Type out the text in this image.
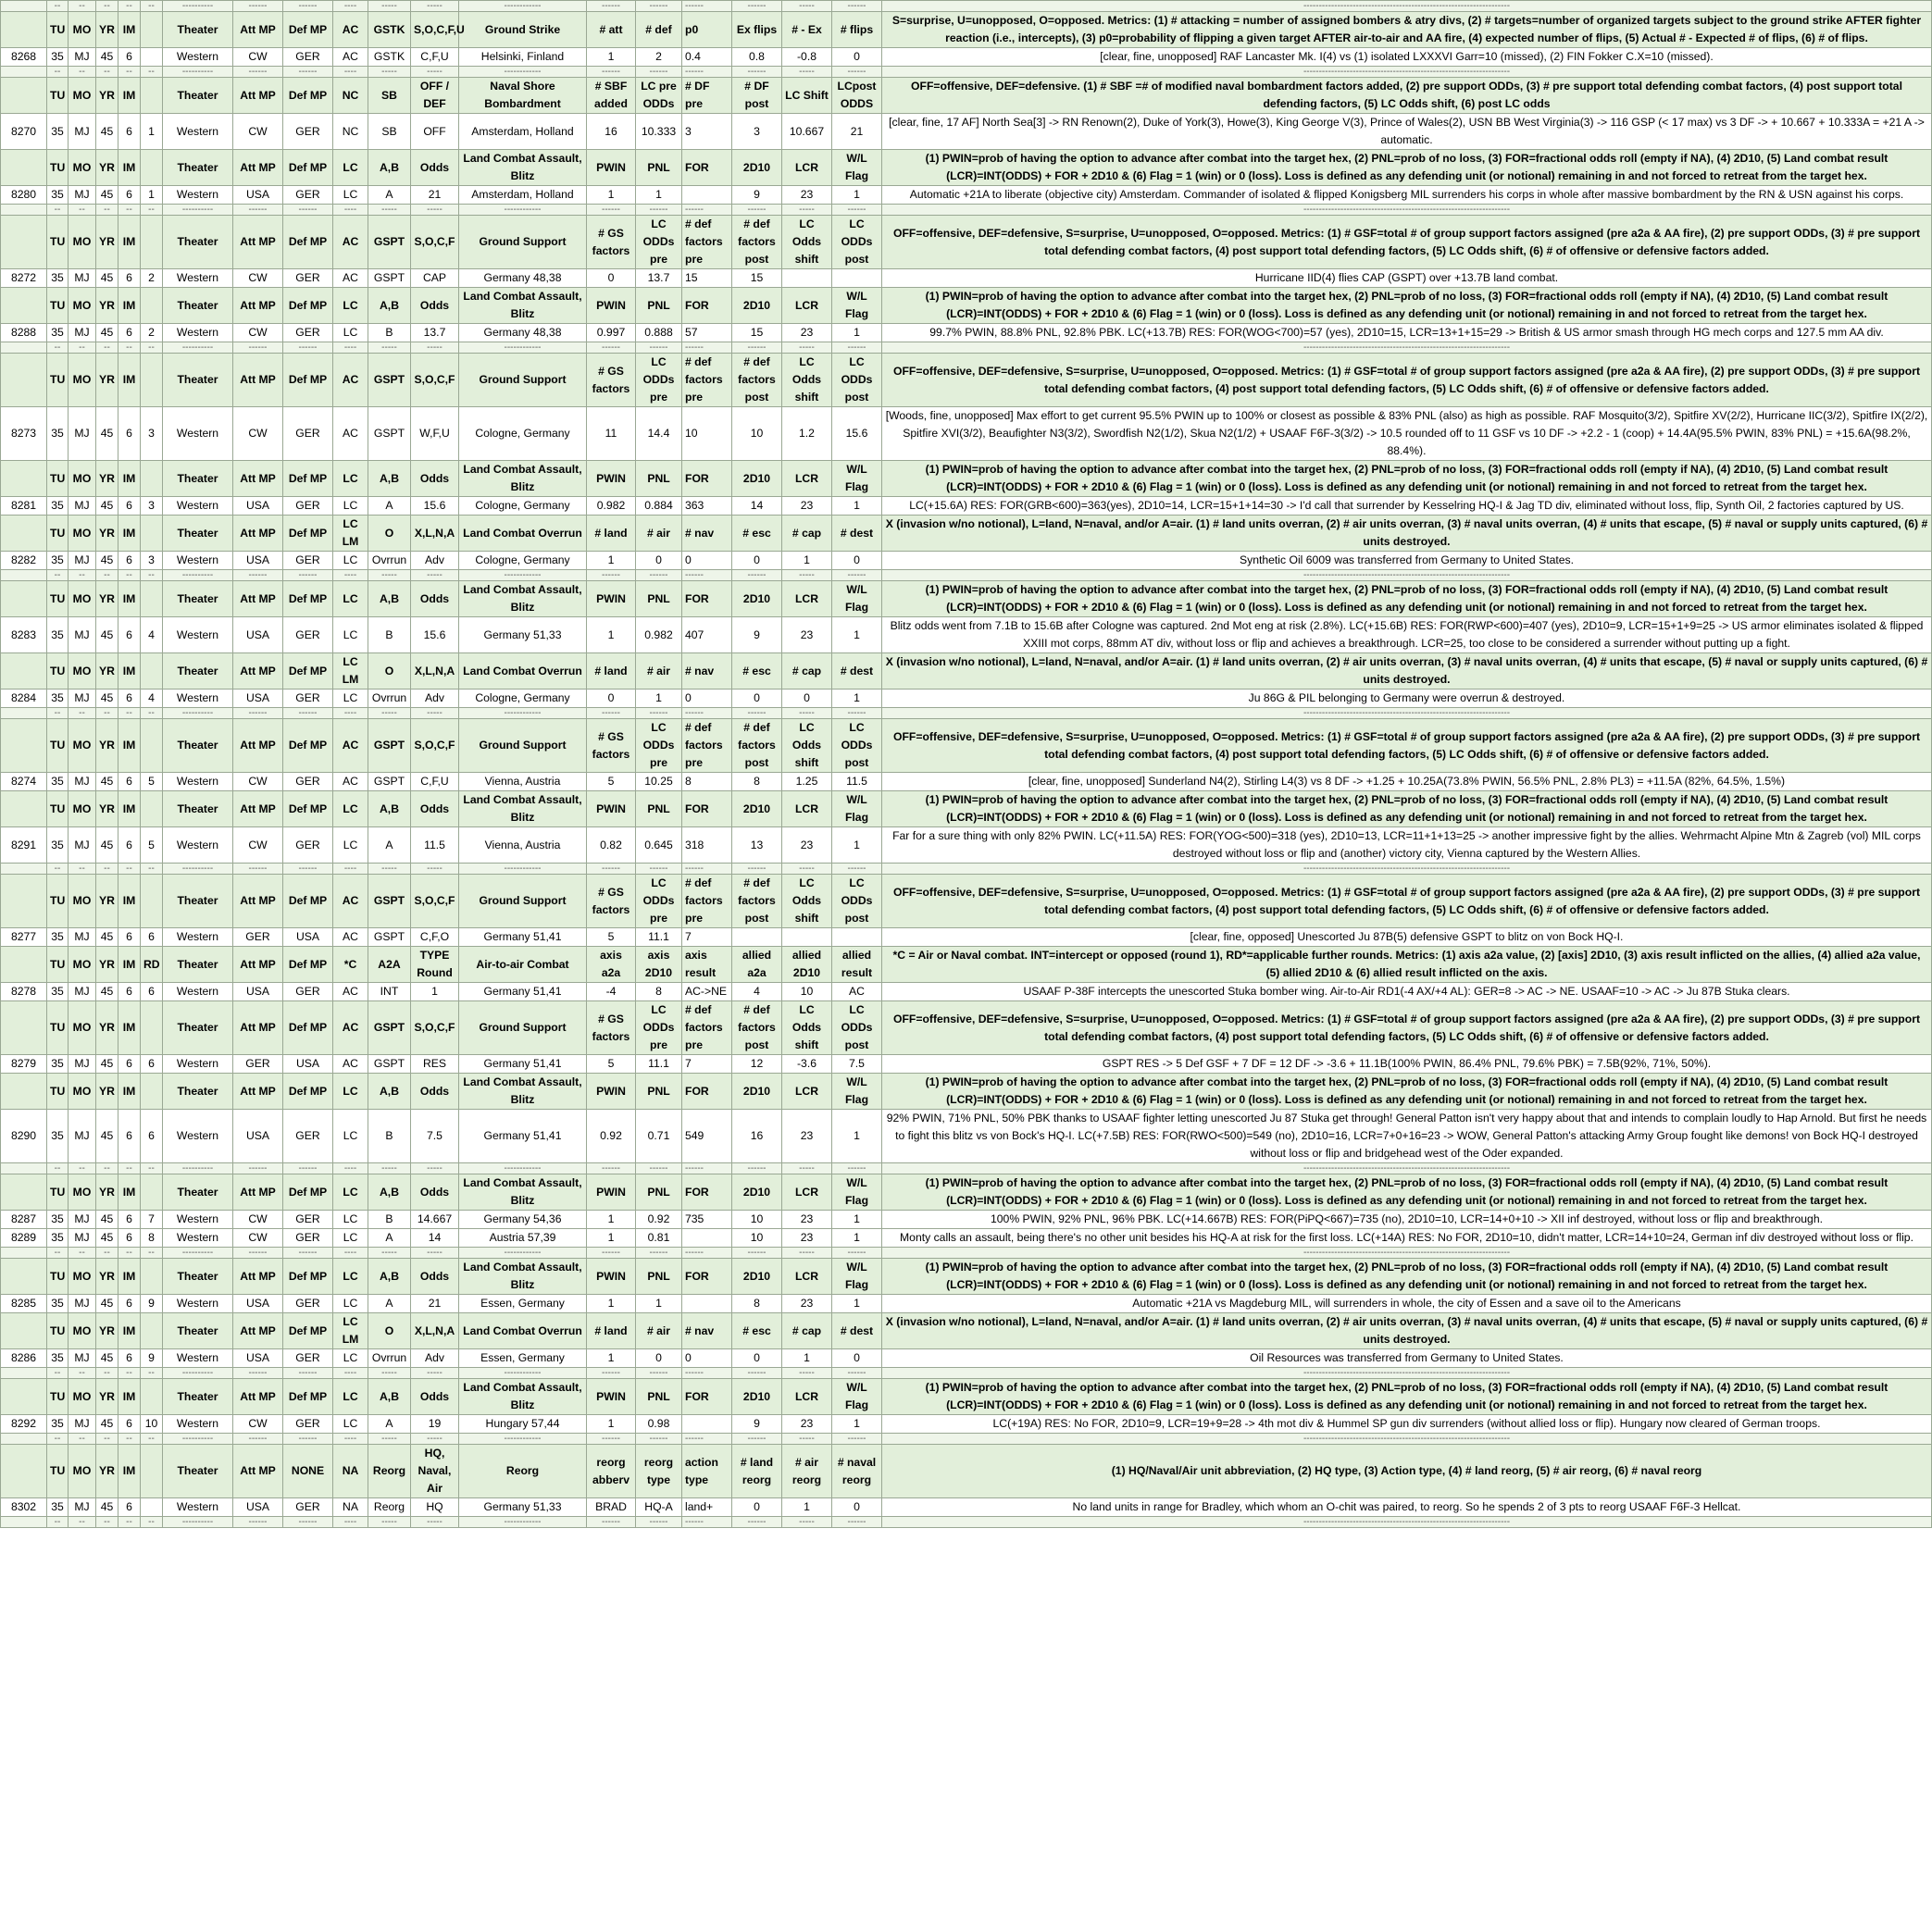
	--	--	--	--	--	----------	------	------	----	-----	-----	------------	------	------	------	------	-----	------	-------------------------------------------------------------------
	TU	MO	YR	IM		Theater	Att MP	Def MP	AC	GSTK	S,O,C,F,U	Ground Strike	# att	# def	p0	Ex flips	# - Ex	# flips	S=surprise, U=unopposed, O=opposed. Metrics: (1) # attacking = number of assigned bombers & atry divs, (2) # targets=number of organized targets subject to the ground strike AFTER fighter reaction (i.e., intercepts), (3) p0=probability of flipping a given target AFTER air-to-air and AA fire, (4) expected number of flips, (5) Actual # - Expected # of flips, (6) # of flips.
8268	35	MJ	45	6		Western	CW	GER	AC	GSTK	C,F,U	Helsinki, Finland	1	2	0.4	0.8	-0.8	0	[clear, fine, unopposed] RAF Lancaster Mk. I(4) vs (1) isolated LXXXVI Garr=10 (missed), (2) FIN Fokker C.X=10 (missed).
	--	--	--	--	--	----------	------	------	----	-----	-----	------------	------	------	------	------	-----	------	-------------------------------------------------------------------
	TU	MO	YR	IM		Theater	Att MP	Def MP	NC	SB	OFF / DEF	Naval Shore Bombardment	# SBF added	LC pre ODDs	# DF pre	# DF post	LC Shift	LCpost ODDS	OFF=offensive, DEF=defensive. (1) # SBF =# of modified naval bombardment factors added, (2) pre support ODDs, (3) # pre support total defending combat factors, (4) post support total defending factors, (5) LC Odds shift, (6) post LC odds
8270	35	MJ	45	6	1	Western	CW	GER	NC	SB	OFF	Amsterdam, Holland	16	10.333	3	3	10.667	21	[clear, fine, 17 AF] North Sea[3] -> RN Renown(2), Duke of York(3), Howe(3), King George V(3), Prince of Wales(2), USN BB West Virginia(3) -> 116 GSP (< 17 max) vs 3 DF -> + 10.667 + 10.333A = +21 A -> automatic.
	TU	MO	YR	IM		Theater	Att MP	Def MP	LC	A,B	Odds	Land Combat Assault, Blitz	PWIN	PNL	FOR	2D10	LCR	W/L Flag	(1) PWIN=prob of having the option to advance after combat into the target hex, (2) PNL=prob of no loss, (3) FOR=fractional odds roll (empty if NA), (4) 2D10, (5) Land combat result (LCR)=INT(ODDS) + FOR + 2D10 & (6) Flag = 1 (win) or 0 (loss). Loss is defined as any defending unit (or notional) remaining in and not forced to retreat from the target hex.
8280	35	MJ	45	6	1	Western	USA	GER	LC	A	21	Amsterdam, Holland	1	1		9	23	1	Automatic +21A to liberate (objective city) Amsterdam. Commander of isolated & flipped Konigsberg MIL surrenders his corps in whole after massive bombardment by the RN & USN against his corps.
	--	--	--	--	--	----------	------	------	----	-----	-----	------------	------	------	------	------	-----	------	-------------------------------------------------------------------
	TU	MO	YR	IM		Theater	Att MP	Def MP	AC	GSPT	S,O,C,F	Ground Support	# GS factors	LC ODDs pre	# def factors pre	# def factors post	LC Odds shift	LC ODDs post	OFF=offensive, DEF=defensive, S=surprise, U=unopposed, O=opposed. Metrics: (1) # GSF=total # of group support factors assigned (pre a2a & AA fire), (2) pre support ODDs, (3) # pre support total defending combat factors, (4) post support total defending factors, (5) LC Odds shift, (6) # of offensive or defensive factors added.
8272	35	MJ	45	6	2	Western	CW	GER	AC	GSPT	CAP	Germany 48,38	0	13.7	15	15			Hurricane IID(4) flies CAP (GSPT) over +13.7B land combat.
	TU	MO	YR	IM		Theater	Att MP	Def MP	LC	A,B	Odds	Land Combat Assault, Blitz	PWIN	PNL	FOR	2D10	LCR	W/L Flag	(1) PWIN=prob of having the option to advance after combat into the target hex, (2) PNL=prob of no loss, (3) FOR=fractional odds roll (empty if NA), (4) 2D10, (5) Land combat result (LCR)=INT(ODDS) + FOR + 2D10 & (6) Flag = 1 (win) or 0 (loss). Loss is defined as any defending unit (or notional) remaining in and not forced to retreat from the target hex.
8288	35	MJ	45	6	2	Western	CW	GER	LC	B	13.7	Germany 48,38	0.997	0.888	57	15	23	1	99.7% PWIN, 88.8% PNL, 92.8% PBK. LC(+13.7B) RES: FOR(WOG<700)=57 (yes), 2D10=15, LCR=13+1+15=29 -> British & US armor smash through HG mech corps and 127.5 mm AA div.
	--	--	--	--	--	----------	------	------	----	-----	-----	------------	------	------	------	------	-----	------	-------------------------------------------------------------------
	TU	MO	YR	IM		Theater	Att MP	Def MP	AC	GSPT	S,O,C,F	Ground Support	# GS factors	LC ODDs pre	# def factors pre	# def factors post	LC Odds shift	LC ODDs post	OFF=offensive, DEF=defensive, S=surprise, U=unopposed, O=opposed. Metrics: (1) # GSF=total # of group support factors assigned (pre a2a & AA fire), (2) pre support ODDs, (3) # pre support total defending combat factors, (4) post support total defending factors, (5) LC Odds shift, (6) # of offensive or defensive factors added.
8273	35	MJ	45	6	3	Western	CW	GER	AC	GSPT	W,F,U	Cologne, Germany	11	14.4	10	10	1.2	15.6	[Woods, fine, unopposed] Max effort to get current 95.5% PWIN up to 100% or closest as possible & 83% PNL (also) as high as possible. RAF Mosquito(3/2), Spitfire XV(2/2), Hurricane IIC(3/2), Spitfire IX(2/2), Spitfire XVI(3/2), Beaufighter N3(3/2), Swordfish N2(1/2), Skua N2(1/2) + USAAF F6F-3(3/2) -> 10.5 rounded off to 11 GSF vs 10 DF -> +2.2 - 1 (coop) + 14.4A(95.5% PWIN, 83% PNL) = +15.6A(98.2%, 88.4%).
	TU	MO	YR	IM		Theater	Att MP	Def MP	LC	A,B	Odds	Land Combat Assault, Blitz	PWIN	PNL	FOR	2D10	LCR	W/L Flag	(1) PWIN=prob of having the option to advance after combat into the target hex, (2) PNL=prob of no loss, (3) FOR=fractional odds roll (empty if NA), (4) 2D10, (5) Land combat result (LCR)=INT(ODDS) + FOR + 2D10 & (6) Flag = 1 (win) or 0 (loss). Loss is defined as any defending unit (or notional) remaining in and not forced to retreat from the target hex.
8281	35	MJ	45	6	3	Western	USA	GER	LC	A	15.6	Cologne, Germany	0.982	0.884	363	14	23	1	LC(+15.6A) RES: FOR(GRB<600)=363(yes), 2D10=14, LCR=15+1+14=30 -> I'd call that surrender by Kesselring HQ-I & Jag TD div, eliminated without loss, flip, Synth Oil, 2 factories captured by US.
	TU	MO	YR	IM		Theater	Att MP	Def MP	LC LM	O	X,L,N,A	Land Combat Overrun	# land	# air	# nav	# esc	# cap	# dest	X (invasion w/no notional), L=land, N=naval, and/or A=air. (1) # land units overran, (2) # air units overran, (3) # naval units overran, (4) # units that escape, (5) # naval or supply units captured, (6) # units destroyed.
8282	35	MJ	45	6	3	Western	USA	GER	LC	Ovrrun	Adv	Cologne, Germany	1	0	0	0	1	0	Synthetic Oil 6009 was transferred from Germany to United States.
	--	--	--	--	--	----------	------	------	----	-----	-----	------------	------	------	------	------	-----	------	-------------------------------------------------------------------
	TU	MO	YR	IM		Theater	Att MP	Def MP	LC	A,B	Odds	Land Combat Assault, Blitz	PWIN	PNL	FOR	2D10	LCR	W/L Flag	(1) PWIN=prob of having the option to advance after combat into the target hex, (2) PNL=prob of no loss, (3) FOR=fractional odds roll (empty if NA), (4) 2D10, (5) Land combat result (LCR)=INT(ODDS) + FOR + 2D10 & (6) Flag = 1 (win) or 0 (loss). Loss is defined as any defending unit (or notional) remaining in and not forced to retreat from the target hex.
8283	35	MJ	45	6	4	Western	USA	GER	LC	B	15.6	Germany 51,33	1	0.982	407	9	23	1	Blitz odds went from 7.1B to 15.6B after Cologne was captured. 2nd Mot eng at risk (2.8%). LC(+15.6B) RES: FOR(RWP<600)=407 (yes), 2D10=9, LCR=15+1+9=25 -> US armor eliminates isolated & flipped XXIII mot corps, 88mm AT div, without loss or flip and achieves a breakthrough. LCR=25, too close to be considered a surrender without putting up a fight.
	TU	MO	YR	IM		Theater	Att MP	Def MP	LC LM	O	X,L,N,A	Land Combat Overrun	# land	# air	# nav	# esc	# cap	# dest	X (invasion w/no notional), L=land, N=naval, and/or A=air. (1) # land units overran, (2) # air units overran, (3) # naval units overran, (4) # units that escape, (5) # naval or supply units captured, (6) # units destroyed.
8284	35	MJ	45	6	4	Western	USA	GER	LC	Ovrrun	Adv	Cologne, Germany	0	1	0	0	0	1	Ju 86G & PIL belonging to Germany were overrun & destroyed.
	--	--	--	--	--	----------	------	------	----	-----	-----	------------	------	------	------	------	-----	------	-------------------------------------------------------------------
	TU	MO	YR	IM		Theater	Att MP	Def MP	AC	GSPT	S,O,C,F	Ground Support	# GS factors	LC ODDs pre	# def factors pre	# def factors post	LC Odds shift	LC ODDs post	OFF=offensive, DEF=defensive, S=surprise, U=unopposed, O=opposed. Metrics: (1) # GSF=total # of group support factors assigned (pre a2a & AA fire), (2) pre support ODDs, (3) # pre support total defending combat factors, (4) post support total defending factors, (5) LC Odds shift, (6) # of offensive or defensive factors added.
8274	35	MJ	45	6	5	Western	CW	GER	AC	GSPT	C,F,U	Vienna, Austria	5	10.25	8	8	1.25	11.5	[clear, fine, unopposed] Sunderland N4(2), Stirling L4(3) vs 8 DF -> +1.25 + 10.25A(73.8% PWIN, 56.5% PNL, 2.8% PL3) = +11.5A (82%, 64.5%, 1.5%)
	TU	MO	YR	IM		Theater	Att MP	Def MP	LC	A,B	Odds	Land Combat Assault, Blitz	PWIN	PNL	FOR	2D10	LCR	W/L Flag	(1) PWIN=prob of having the option to advance after combat into the target hex, (2) PNL=prob of no loss, (3) FOR=fractional odds roll (empty if NA), (4) 2D10, (5) Land combat result (LCR)=INT(ODDS) + FOR + 2D10 & (6) Flag = 1 (win) or 0 (loss). Loss is defined as any defending unit (or notional) remaining in and not forced to retreat from the target hex.
8291	35	MJ	45	6	5	Western	CW	GER	LC	A	11.5	Vienna, Austria	0.82	0.645	318	13	23	1	Far for a sure thing with only 82% PWIN. LC(+11.5A) RES: FOR(YOG<500)=318 (yes), 2D10=13, LCR=11+1+13=25 -> another impressive fight by the allies. Wehrmacht Alpine Mtn & Zagreb (vol) MIL corps destroyed without loss or flip and (another) victory city, Vienna captured by the Western Allies.
	--	--	--	--	--	----------	------	------	----	-----	-----	------------	------	------	------	------	-----	------	-------------------------------------------------------------------
	TU	MO	YR	IM		Theater	Att MP	Def MP	AC	GSPT	S,O,C,F	Ground Support	# GS factors	LC ODDs pre	# def factors pre	# def factors post	LC Odds shift	LC ODDs post	OFF=offensive, DEF=defensive, S=surprise, U=unopposed, O=opposed. Metrics: (1) # GSF=total # of group support factors assigned (pre a2a & AA fire), (2) pre support ODDs, (3) # pre support total defending combat factors, (4) post support total defending factors, (5) LC Odds shift, (6) # of offensive or defensive factors added.
8277	35	MJ	45	6	6	Western	GER	USA	AC	GSPT	C,F,O	Germany 51,41	5	11.1	7				[clear, fine, opposed] Unescorted Ju 87B(5) defensive GSPT to blitz on von Bock HQ-I.
	TU	MO	YR	IM	RD	Theater	Att MP	Def MP	*C	A2A	TYPE Round	Air-to-air Combat	axis a2a	axis 2D10	axis result	allied a2a	allied 2D10	allied result	*C = Air or Naval combat. INT=intercept or opposed (round 1), RD*=applicable further rounds. Metrics: (1) axis a2a value, (2) [axis] 2D10, (3) axis result inflicted on the allies, (4) allied a2a value, (5) allied 2D10 & (6) allied result inflicted on the axis.
8278	35	MJ	45	6	6	Western	USA	GER	AC	INT	1	Germany 51,41	-4	8	AC->NE	4	10	AC	USAAF P-38F intercepts the unescorted Stuka bomber wing. Air-to-Air RD1(-4 AX/+4 AL): GER=8 -> AC -> NE. USAAF=10 -> AC -> Ju 87B Stuka clears.
	TU	MO	YR	IM		Theater	Att MP	Def MP	AC	GSPT	S,O,C,F	Ground Support	# GS factors	LC ODDs pre	# def factors pre	# def factors post	LC Odds shift	LC ODDs post	OFF=offensive, DEF=defensive, S=surprise, U=unopposed, O=opposed. Metrics: (1) # GSF=total # of group support factors assigned (pre a2a & AA fire), (2) pre support ODDs, (3) # pre support total defending combat factors, (4) post support total defending factors, (5) LC Odds shift, (6) # of offensive or defensive factors added.
8279	35	MJ	45	6	6	Western	GER	USA	AC	GSPT	RES	Germany 51,41	5	11.1	7	12	-3.6	7.5	GSPT RES -> 5 Def GSF + 7 DF = 12 DF -> -3.6 + 11.1B(100% PWIN, 86.4% PNL, 79.6% PBK) = 7.5B(92%, 71%, 50%).
	TU	MO	YR	IM		Theater	Att MP	Def MP	LC	A,B	Odds	Land Combat Assault, Blitz	PWIN	PNL	FOR	2D10	LCR	W/L Flag	(1) PWIN=prob of having the option to advance after combat into the target hex, (2) PNL=prob of no loss, (3) FOR=fractional odds roll (empty if NA), (4) 2D10, (5) Land combat result (LCR)=INT(ODDS) + FOR + 2D10 & (6) Flag = 1 (win) or 0 (loss). Loss is defined as any defending unit (or notional) remaining in and not forced to retreat from the target hex.
8290	35	MJ	45	6	6	Western	USA	GER	LC	B	7.5	Germany 51,41	0.92	0.71	549	16	23	1	92% PWIN, 71% PNL, 50% PBK thanks to USAAF fighter letting unescorted Ju 87 Stuka get through! General Patton isn't very happy about that and intends to complain loudly to Hap Arnold. But first he needs to fight this blitz vs von Bock's HQ-I. LC(+7.5B) RES: FOR(RWO<500)=549 (no), 2D10=16, LCR=7+0+16=23 -> WOW, General Patton's attacking Army Group fought like demons! von Bock HQ-I destroyed without loss or flip and bridgehead west of the Oder expanded.
	--	--	--	--	--	----------	------	------	----	-----	-----	------------	------	------	------	------	-----	------	-------------------------------------------------------------------
	TU	MO	YR	IM		Theater	Att MP	Def MP	LC	A,B	Odds	Land Combat Assault, Blitz	PWIN	PNL	FOR	2D10	LCR	W/L Flag	(1) PWIN=prob of having the option to advance after combat into the target hex, (2) PNL=prob of no loss, (3) FOR=fractional odds roll (empty if NA), (4) 2D10, (5) Land combat result (LCR)=INT(ODDS) + FOR + 2D10 & (6) Flag = 1 (win) or 0 (loss). Loss is defined as any defending unit (or notional) remaining in and not forced to retreat from the target hex.
8287	35	MJ	45	6	7	Western	CW	GER	LC	B	14.667	Germany 54,36	1	0.92	735	10	23	1	100% PWIN, 92% PNL, 96% PBK. LC(+14.667B) RES: FOR(PiPQ<667)=735 (no), 2D10=10, LCR=14+0+10 -> XII inf destroyed, without loss or flip and breakthrough.
8289	35	MJ	45	6	8	Western	CW	GER	LC	A	14	Austria 57,39	1	0.81		10	23	1	Monty calls an assault, being there's no other unit besides his HQ-A at risk for the first loss. LC(+14A) RES: No FOR, 2D10=10, didn't matter, LCR=14+10=24, German inf div destroyed without loss or flip.
	--	--	--	--	--	----------	------	------	----	-----	-----	------------	------	------	------	------	-----	------	-------------------------------------------------------------------
	TU	MO	YR	IM		Theater	Att MP	Def MP	LC	A,B	Odds	Land Combat Assault, Blitz	PWIN	PNL	FOR	2D10	LCR	W/L Flag	(1) PWIN=prob of having the option to advance after combat into the target hex, (2) PNL=prob of no loss, (3) FOR=fractional odds roll (empty if NA), (4) 2D10, (5) Land combat result (LCR)=INT(ODDS) + FOR + 2D10 & (6) Flag = 1 (win) or 0 (loss). Loss is defined as any defending unit (or notional) remaining in and not forced to retreat from the target hex.
8285	35	MJ	45	6	9	Western	USA	GER	LC	A	21	Essen, Germany	1	1		8	23	1	Automatic +21A vs Magdeburg MIL, will surrenders in whole, the city of Essen and a save oil to the Americans
	TU	MO	YR	IM		Theater	Att MP	Def MP	LC LM	O	X,L,N,A	Land Combat Overrun	# land	# air	# nav	# esc	# cap	# dest	X (invasion w/no notional), L=land, N=naval, and/or A=air. (1) # land units overran, (2) # air units overran, (3) # naval units overran, (4) # units that escape, (5) # naval or supply units captured, (6) # units destroyed.
8286	35	MJ	45	6	9	Western	USA	GER	LC	Ovrrun	Adv	Essen, Germany	1	0	0	0	1	0	Oil Resources was transferred from Germany to United States.
	--	--	--	--	--	----------	------	------	----	-----	-----	------------	------	------	------	------	-----	------	-------------------------------------------------------------------
	TU	MO	YR	IM		Theater	Att MP	Def MP	LC	A,B	Odds	Land Combat Assault, Blitz	PWIN	PNL	FOR	2D10	LCR	W/L Flag	(1) PWIN=prob of having the option to advance after combat into the target hex, (2) PNL=prob of no loss, (3) FOR=fractional odds roll (empty if NA), (4) 2D10, (5) Land combat result (LCR)=INT(ODDS) + FOR + 2D10 & (6) Flag = 1 (win) or 0 (loss). Loss is defined as any defending unit (or notional) remaining in and not forced to retreat from the target hex.
8292	35	MJ	45	6	10	Western	CW	GER	LC	A	19	Hungary 57,44	1	0.98		9	23	1	LC(+19A) RES: No FOR, 2D10=9, LCR=19+9=28 -> 4th mot div & Hummel SP gun div surrenders (without allied loss or flip). Hungary now cleared of German troops.
	--	--	--	--	--	----------	------	------	----	-----	-----	------------	------	------	------	------	-----	------	-------------------------------------------------------------------
	TU	MO	YR	IM		Theater	Att MP	NONE	NA	Reorg	HQ, Naval, Air	Reorg	reorg abberv	reorg type	action type	# land reorg	# air reorg	# naval reorg	(1) HQ/Naval/Air unit abbreviation, (2) HQ type, (3) Action type, (4) # land reorg, (5) # air reorg, (6) # naval reorg
8302	35	MJ	45	6		Western	USA	GER	NA	Reorg	HQ	Germany 51,33	BRAD	HQ-A	land+	0	1	0	No land units in range for Bradley, which whom an O-chit was paired, to reorg. So he spends 2 of 3 pts to reorg USAAF F6F-3 Hellcat.
	--	--	--	--	--	----------	------	------	----	-----	-----	------------	------	------	------	------	-----	------	-------------------------------------------------------------------
